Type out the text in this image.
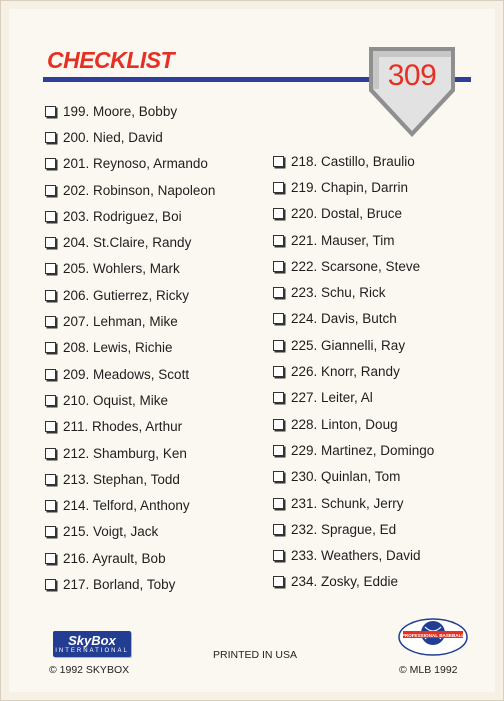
CHECKLIST	309
199. Moore, Bobby
200. Nied, David
201. Reynoso, Armando
202. Robinson, Napoleon
203. Rodriguez, Boi
204. St.Claire, Randy
205. Wohlers, Mark
206. Gutierrez, Ricky
207. Lehman, Mike
208. Lewis, Richie
209. Meadows, Scott
210. Oquist, Mike
211. Rhodes, Arthur
212. Shamburg, Ken
213. Stephan, Todd
214. Telford, Anthony
215. Voigt, Jack
216. Ayrault, Bob
217. Borland, Toby
218. Castillo, Braulio
219. Chapin, Darrin
220. Dostal, Bruce
221. Mauser, Tim
222. Scarsone, Steve
223. Schu, Rick
224. Davis, Butch
225. Giannelli, Ray
226. Knorr, Randy
227. Leiter, Al
228. Linton, Doug
229. Martinez, Domingo
230. Quinlan, Tom
231. Schunk, Jerry
232. Sprague, Ed
233. Weathers, David
234. Zosky, Eddie
SkyBox
INTERNATIONAL
© 1992 SKYBOX
PRINTED IN USA
PROFESSIONAL BASEBALL
© MLB 1992
